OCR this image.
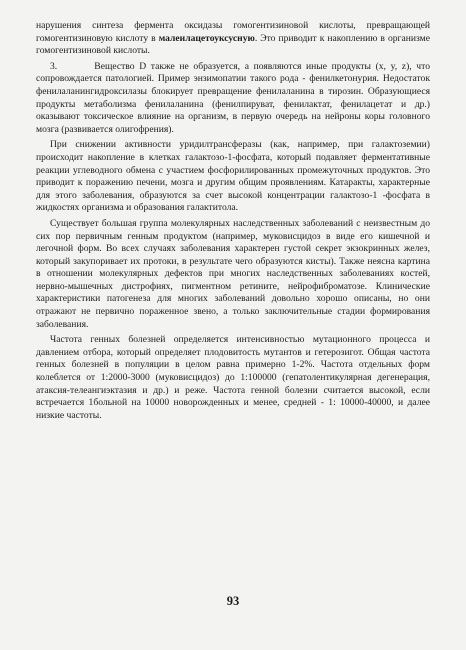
нарушения синтеза фермента оксидазы гомогентизиновой кислоты, превращающей гомогентизиновую кислоту в малеилацетоуксусную. Это приводит к накоплению в организме гомогентизиновой кислоты.

3.        Вещество D также не образуется, а появляются иные продукты (x, y, z), что сопровождается патологией. Пример энзимопатии такого рода - фенилкетонурия. Недостаток фенилаланингидроксилазы блокирует превращение фенилаланина в тирозин. Образующиеся продукты метаболизма фенилаланина (фенилпируват, фенилактат, фенилацетат и др.) оказывают токсическое влияние на организм, в первую очередь на нейроны коры головного мозга (развивается олигофрения).

При снижении активности уридилтрансферазы (как, например, при галактоземии) происходит накопление в клетках галактозо-1-фосфата, который подавляет ферментативные реакции углеводного обмена с участием фосфорилированных промежуточных продуктов. Это приводит к поражению печени, мозга и другим общим проявлениям. Катаракты, характерные для этого заболевания, образуются за счет высокой концентрации галактозо-1 -фосфата в жидкостях организма и образования галактитола.

Существует большая группа молекулярных наследственных заболеваний с неизвестным до сих пор первичным генным продуктом (например, муковисцидоз в виде его кишечной и легочной форм. Во всех случаях заболевания характерен густой секрет экзокринных желез, который закупоривает их протоки, в результате чего образуются кисты). Также неясна картина в отношении молекулярных дефектов при многих наследственных заболеваниях костей, нервно-мышечных дистрофиях, пигментном ретините, нейрофиброматозе. Клинические характеристики патогенеза для многих заболеваний довольно хорошо описаны, но они отражают не первично пораженное звено, а только заключительные стадии формирования заболевания.

Частота генных болезней определяется интенсивностью мутационного процесса и давлением отбора, который определяет плодовитость мутантов и гетерозигот. Общая частота генных болезней в популяции в целом равна примерно 1-2%. Частота отдельных форм колеблется от 1:2000-3000 (муковисцидоз) до 1:100000 (гепатолентикулярная дегенерация, атаксия-телеангиэктазия и др.) и реже. Частота генной болезни считается высокой, если встречается 1больной на 10000 новорожденных и менее, средней - 1: 10000-40000, и далее низкие частоты.

93
